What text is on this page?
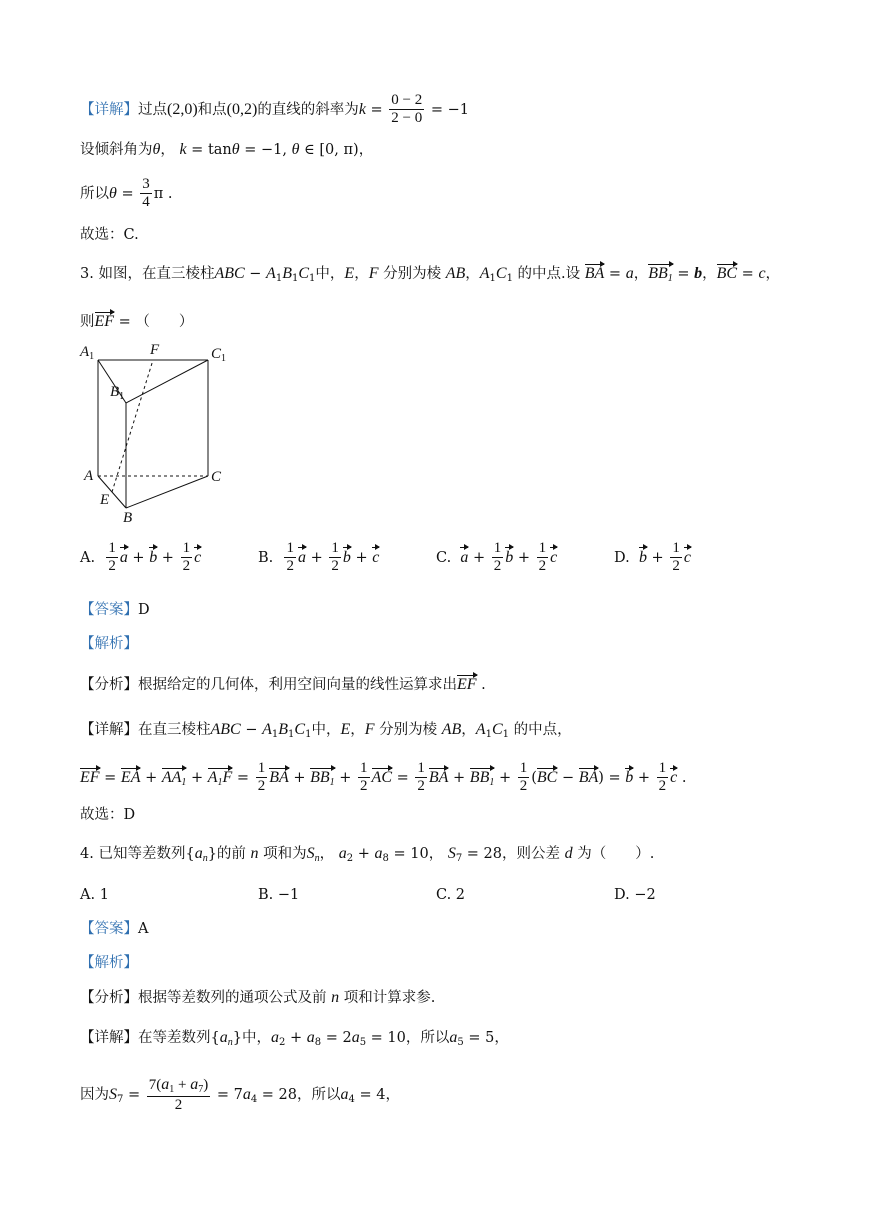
【详解】过点(2,0)和点(0,2)的直线的斜率为$k = \frac{0 - 2}{2 - 0} = -1$
设倾斜角为θ， k = tanθ = −1, θ ∈ [0, π)，
所以$\theta = \frac{3}{4}$ π .
故选：C.
3. 如图，在直三棱柱ABC − $A_1B_1C_1$中，E，F 分别为棱 AB，$A_1C_1$ 的中点.设 BA = a，$BB_1 = b$，BC = c，
则EF = （　　）
$A_1$	F	$C_1$
$B_1$
A	C
E
B
A. $\frac{1}{2}$ $a + b + \frac{1}{2}$ c	B. $\frac{1}{2}$ $a + \frac{1}{2}$ b + c	C. $a + \frac{1}{2}$ $b + \frac{1}{2}$ c	D. $b + \frac{1}{2}$ c
【答案】D
【解析】
【分析】根据给定的几何体，利用空间向量的线性运算求出EF .
【详解】在直三棱柱ABC − $A_1B_1C_1$中，E，F 分别为棱 AB，$A_1C_1$ 的中点，
EF = EA + $AA_1 + A_1F = \frac{1}{2}$ BA + $BB_1 + \frac{1}{2}$ AC = $\frac{1}{2}$ BA + $BB_1 + \frac{1}{2} (BC - BA) = b + \frac{1}{2}$ c .
故选：D
4. 已知等差数列$\{a_n\}$的前 n 项和为$S_n$， $a_2 + a_8 = 10$， $S_7 = 28$，则公差 d 为（　　）.
A. 1	B. −1	C. 2	D. −2
【答案】A
【解析】
【分析】根据等差数列的通项公式及前 n 项和计算求参.
【详解】在等差数列$\{a_n\}$中，$a_2 + a_8 = 2a_5 = 10$，所以$a_5 = 5$，
因为$S_7 = \frac{7(a_1 + a_7)}{2} = 7a_4 = 28$，所以$a_4 = 4$，
